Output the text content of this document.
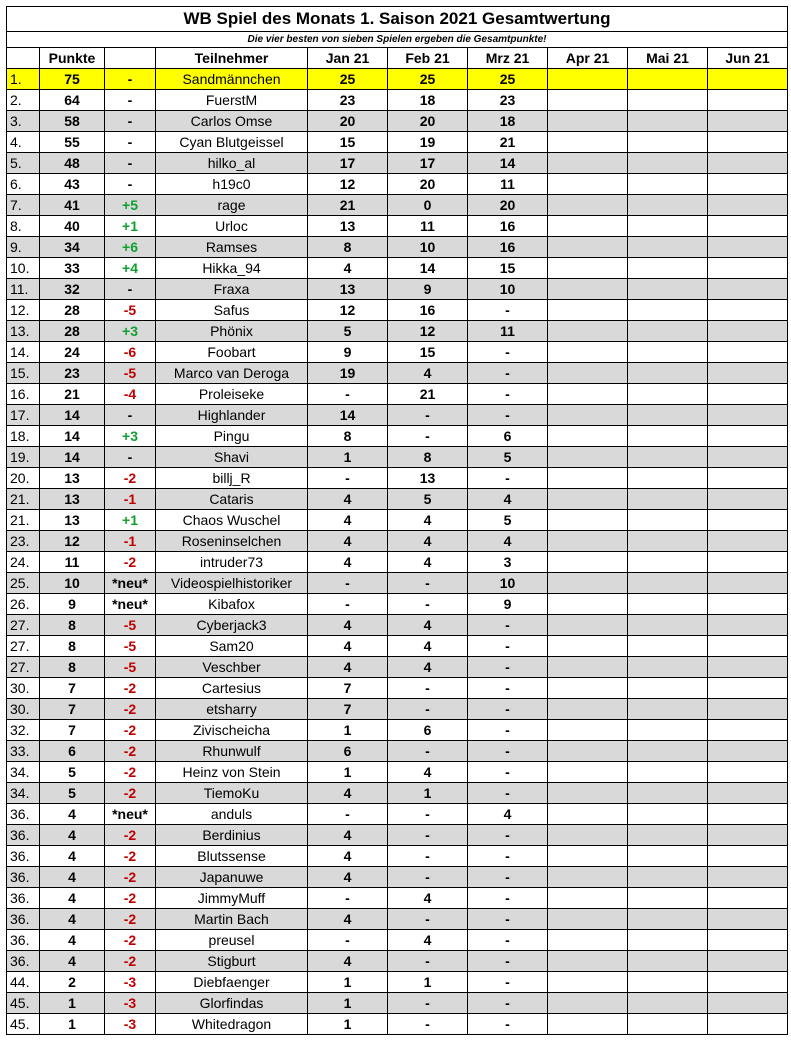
WB Spiel des Monats 1. Saison 2021 Gesamtwertung									
Die vier besten von sieben Spielen ergeben die Gesamtpunkte!									
	Punkte		Teilnehmer	Jan 21	Feb 21	Mrz 21	Apr 21	Mai 21	Jun 21
1.	75	-	Sandmännchen	25	25	25			
2.	64	-	FuerstM	23	18	23			
3.	58	-	Carlos Omse	20	20	18			
4.	55	-	Cyan Blutgeissel	15	19	21			
5.	48	-	hilko_al	17	17	14			
6.	43	-	h19c0	12	20	11			
7.	41	+5	rage	21	0	20			
8.	40	+1	Urloc	13	11	16			
9.	34	+6	Ramses	8	10	16			
10.	33	+4	Hikka_94	4	14	15			
11.	32	-	Fraxa	13	9	10			
12.	28	-5	Safus	12	16	-			
13.	28	+3	Phönix	5	12	11			
14.	24	-6	Foobart	9	15	-			
15.	23	-5	Marco van Deroga	19	4	-			
16.	21	-4	Proleiseke	-	21	-			
17.	14	-	Highlander	14	-	-			
18.	14	+3	Pingu	8	-	6			
19.	14	-	Shavi	1	8	5			
20.	13	-2	billj_R	-	13	-			
21.	13	-1	Cataris	4	5	4			
21.	13	+1	Chaos Wuschel	4	4	5			
23.	12	-1	Roseninselchen	4	4	4			
24.	11	-2	intruder73	4	4	3			
25.	10	*neu*	Videospielhistoriker	-	-	10			
26.	9	*neu*	Kibafox	-	-	9			
27.	8	-5	Cyberjack3	4	4	-			
27.	8	-5	Sam20	4	4	-			
27.	8	-5	Veschber	4	4	-			
30.	7	-2	Cartesius	7	-	-			
30.	7	-2	etsharry	7	-	-			
32.	7	-2	Zivischeicha	1	6	-			
33.	6	-2	Rhunwulf	6	-	-			
34.	5	-2	Heinz von Stein	1	4	-			
34.	5	-2	TiemoKu	4	1	-			
36.	4	*neu*	anduls	-	-	4			
36.	4	-2	Berdinius	4	-	-			
36.	4	-2	Blutssense	4	-	-			
36.	4	-2	Japanuwe	4	-	-			
36.	4	-2	JimmyMuff	-	4	-			
36.	4	-2	Martin Bach	4	-	-			
36.	4	-2	preusel	-	4	-			
36.	4	-2	Stigburt	4	-	-			
44.	2	-3	Diebfaenger	1	1	-			
45.	1	-3	Glorfindas	1	-	-			
45.	1	-3	Whitedragon	1	-	-			
